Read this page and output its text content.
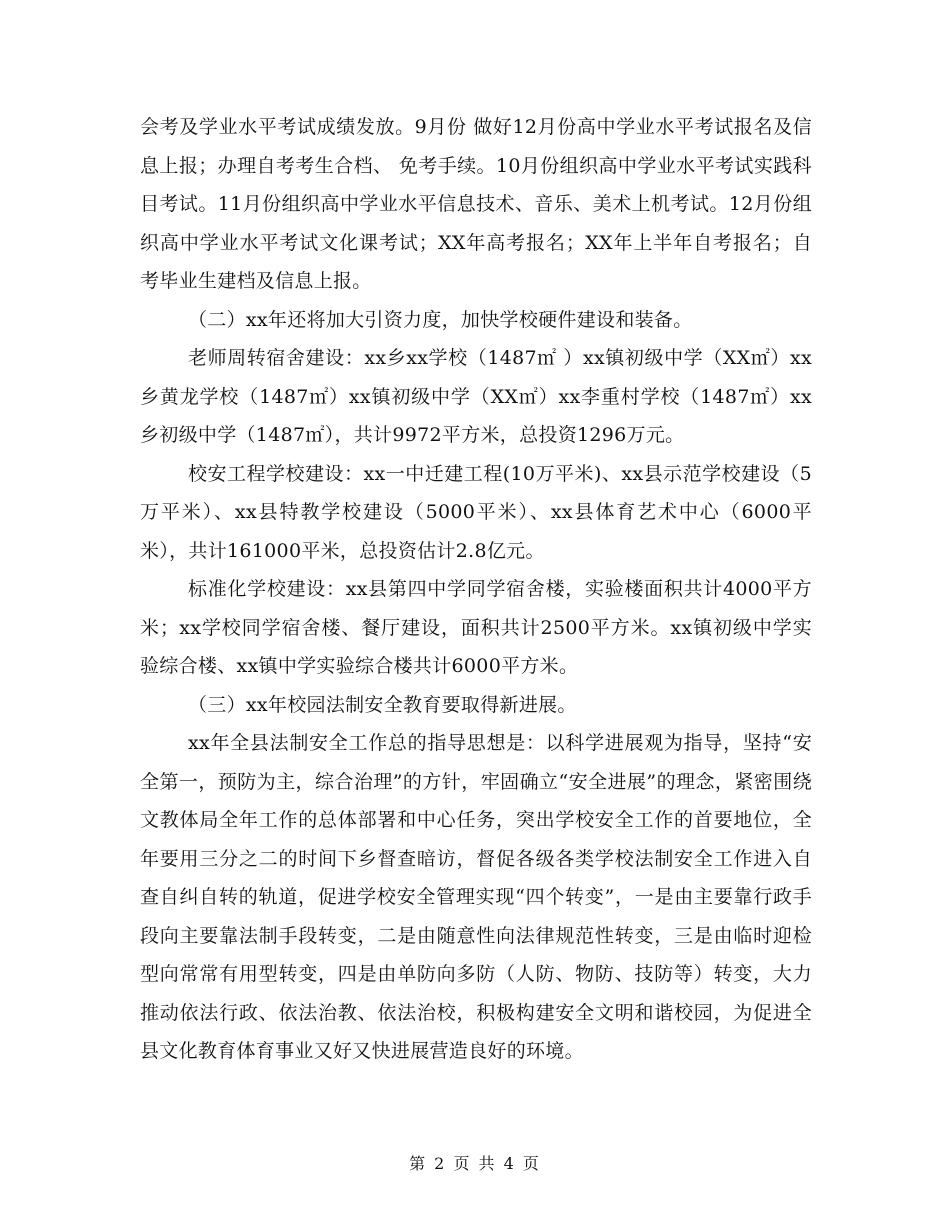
会考及学业水平考试成绩发放。9月份 做好12月份高中学业水平考试报名及信息上报；办理自考考生合档、 免考手续。10月份组织高中学业水平考试实践科目考试。11月份组织高中学业水平信息技术、音乐、美术上机考试。12月份组织高中学业水平考试文化课考试；XX年高考报名；XX年上半年自考报名；自考毕业生建档及信息上报。

（二）xx年还将加大引资力度，加快学校硬件建设和装备。

老师周转宿舍建设：xx乡xx学校（1487㎡ ）xx镇初级中学（XX㎡）xx乡黄龙学校（1487㎡）xx镇初级中学（XX㎡）xx李重村学校（1487㎡）xx乡初级中学（1487㎡），共计9972平方米，总投资1296万元。

校安工程学校建设：xx一中迁建工程(10万平米)、xx县示范学校建设（5万平米）、xx县特教学校建设（5000平米）、xx县体育艺术中心（6000平米），共计161000平米，总投资估计2.8亿元。

标准化学校建设：xx县第四中学同学宿舍楼，实验楼面积共计4000平方米；xx学校同学宿舍楼、餐厅建设，面积共计2500平方米。xx镇初级中学实验综合楼、xx镇中学实验综合楼共计6000平方米。

（三）xx年校园法制安全教育要取得新进展。

xx年全县法制安全工作总的指导思想是：以科学进展观为指导，坚持“安全第一，预防为主，综合治理”的方针，牢固确立“安全进展”的理念，紧密围绕文教体局全年工作的总体部署和中心任务，突出学校安全工作的首要地位，全年要用三分之二的时间下乡督查暗访，督促各级各类学校法制安全工作进入自查自纠自转的轨道，促进学校安全管理实现“四个转变”，一是由主要靠行政手段向主要靠法制手段转变，二是由随意性向法律规范性转变，三是由临时迎检型向常常有用型转变，四是由单防向多防（人防、物防、技防等）转变，大力推动依法行政、依法治教、依法治校，积极构建安全文明和谐校园，为促进全县文化教育体育事业又好又快进展营造良好的环境。

第 2 页 共 4 页
